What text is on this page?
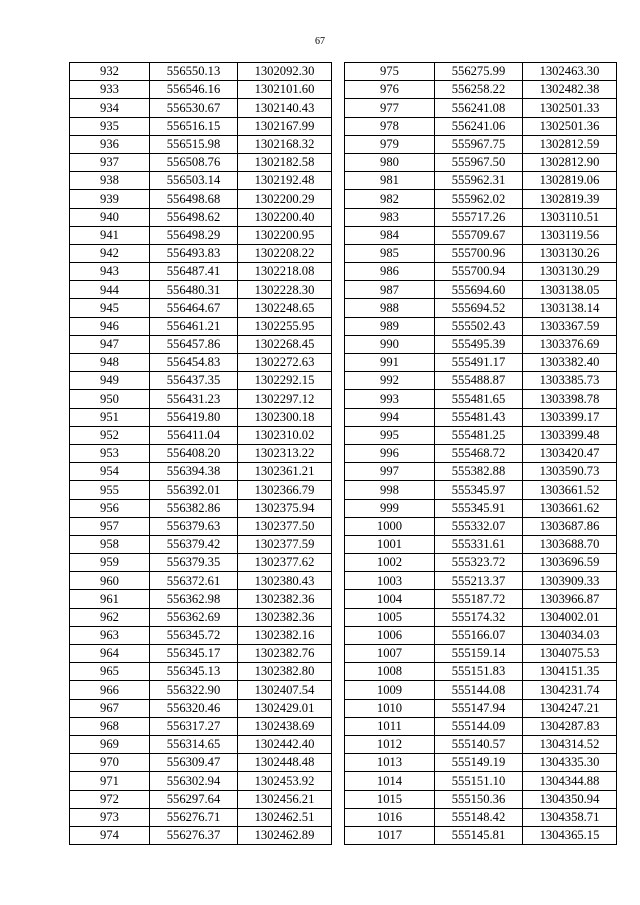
67
932	556550.13	1302092.30
933	556546.16	1302101.60
934	556530.67	1302140.43
935	556516.15	1302167.99
936	556515.98	1302168.32
937	556508.76	1302182.58
938	556503.14	1302192.48
939	556498.68	1302200.29
940	556498.62	1302200.40
941	556498.29	1302200.95
942	556493.83	1302208.22
943	556487.41	1302218.08
944	556480.31	1302228.30
945	556464.67	1302248.65
946	556461.21	1302255.95
947	556457.86	1302268.45
948	556454.83	1302272.63
949	556437.35	1302292.15
950	556431.23	1302297.12
951	556419.80	1302300.18
952	556411.04	1302310.02
953	556408.20	1302313.22
954	556394.38	1302361.21
955	556392.01	1302366.79
956	556382.86	1302375.94
957	556379.63	1302377.50
958	556379.42	1302377.59
959	556379.35	1302377.62
960	556372.61	1302380.43
961	556362.98	1302382.36
962	556362.69	1302382.36
963	556345.72	1302382.16
964	556345.17	1302382.76
965	556345.13	1302382.80
966	556322.90	1302407.54
967	556320.46	1302429.01
968	556317.27	1302438.69
969	556314.65	1302442.40
970	556309.47	1302448.48
971	556302.94	1302453.92
972	556297.64	1302456.21
973	556276.71	1302462.51
974	556276.37	1302462.89
975	556275.99	1302463.30
976	556258.22	1302482.38
977	556241.08	1302501.33
978	556241.06	1302501.36
979	555967.75	1302812.59
980	555967.50	1302812.90
981	555962.31	1302819.06
982	555962.02	1302819.39
983	555717.26	1303110.51
984	555709.67	1303119.56
985	555700.96	1303130.26
986	555700.94	1303130.29
987	555694.60	1303138.05
988	555694.52	1303138.14
989	555502.43	1303367.59
990	555495.39	1303376.69
991	555491.17	1303382.40
992	555488.87	1303385.73
993	555481.65	1303398.78
994	555481.43	1303399.17
995	555481.25	1303399.48
996	555468.72	1303420.47
997	555382.88	1303590.73
998	555345.97	1303661.52
999	555345.91	1303661.62
1000	555332.07	1303687.86
1001	555331.61	1303688.70
1002	555323.72	1303696.59
1003	555213.37	1303909.33
1004	555187.72	1303966.87
1005	555174.32	1304002.01
1006	555166.07	1304034.03
1007	555159.14	1304075.53
1008	555151.83	1304151.35
1009	555144.08	1304231.74
1010	555147.94	1304247.21
1011	555144.09	1304287.83
1012	555140.57	1304314.52
1013	555149.19	1304335.30
1014	555151.10	1304344.88
1015	555150.36	1304350.94
1016	555148.42	1304358.71
1017	555145.81	1304365.15
